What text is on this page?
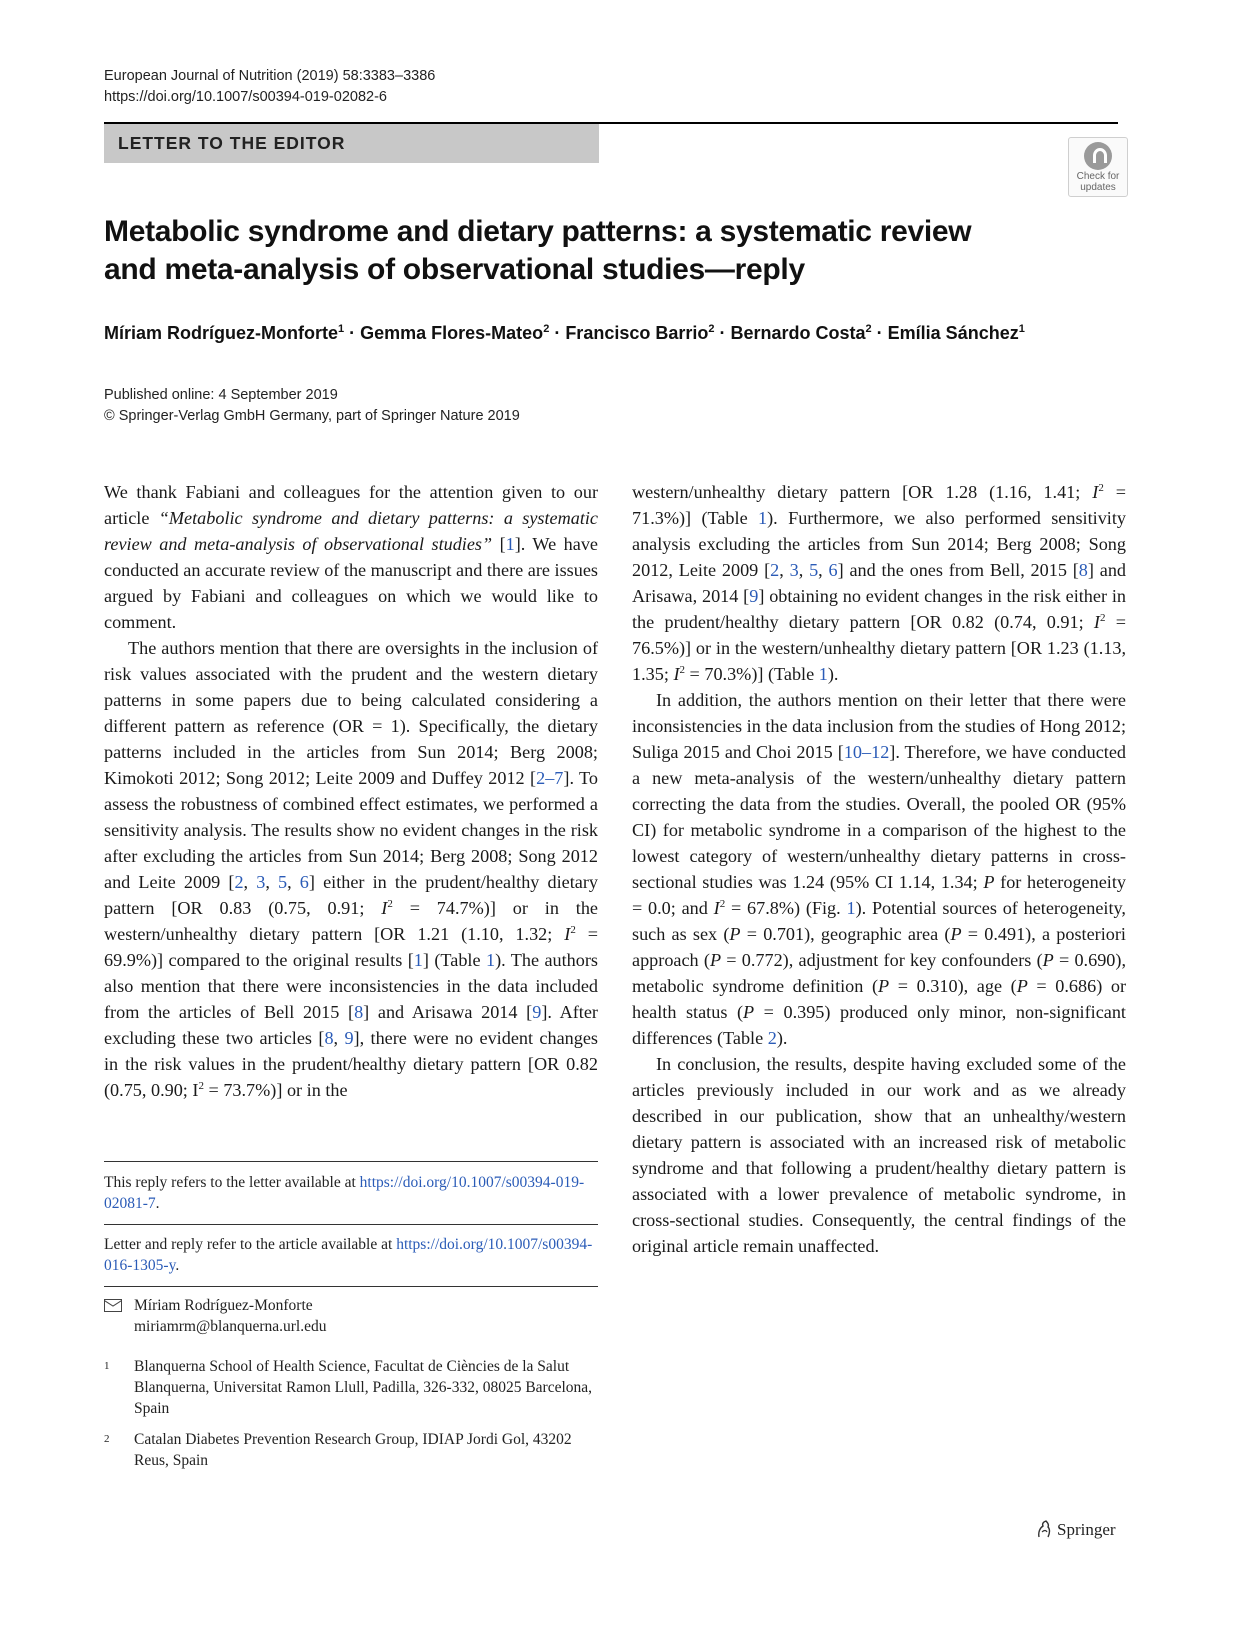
European Journal of Nutrition (2019) 58:3383–3386
https://doi.org/10.1007/s00394-019-02082-6
LETTER TO THE EDITOR
Check for
updates
Metabolic syndrome and dietary patterns: a systematic review
and meta-analysis of observational studies—reply
Míriam Rodríguez‑Monforte$^1$ · Gemma Flores‑Mateo$^2$ · Francisco Barrio$^2$ · Bernardo Costa$^2$ · Emília Sánchez$^1$
Published online: 4 September 2019
© Springer-Verlag GmbH Germany, part of Springer Nature 2019

We thank Fabiani and colleagues for the attention given to our article “Metabolic syndrome and dietary patterns: a systematic review and meta-analysis of observational studies” [1]. We have conducted an accurate review of the manuscript and there are issues argued by Fabiani and colleagues on which we would like to comment.

The authors mention that there are oversights in the inclusion of risk values associated with the prudent and the western dietary patterns in some papers due to being calculated considering a different pattern as reference (OR = 1). Specifically, the dietary patterns included in the articles from Sun 2014; Berg 2008; Kimokoti 2012; Song 2012; Leite 2009 and Duffey 2012 [2–7]. To assess the robustness of combined effect estimates, we performed a sensitivity analysis. The results show no evident changes in the risk after excluding the articles from Sun 2014; Berg 2008; Song 2012 and Leite 2009 [2, 3, 5, 6] either in the prudent/healthy dietary pattern [OR 0.83 (0.75, 0.91; $I^2 = 74.7\%$)] or in the western/unhealthy dietary pattern [OR 1.21 (1.10, 1.32; $I^2 = 69.9\%$)] compared to the original results [1] (Table 1). The authors also mention that there were inconsistencies in the data included from the articles of Bell 2015 [8] and Arisawa 2014 [9]. After excluding these two articles [8, 9], there were no evident changes in the risk values in the prudent/healthy dietary pattern [OR 0.82 (0.75, 0.90; $I^2 = 73.7\%$)] or in the

western/unhealthy dietary pattern [OR 1.28 (1.16, 1.41; $I^2 = 71.3\%$)] (Table 1). Furthermore, we also performed sensitivity analysis excluding the articles from Sun 2014; Berg 2008; Song 2012, Leite 2009 [2, 3, 5, 6] and the ones from Bell, 2015 [8] and Arisawa, 2014 [9] obtaining no evident changes in the risk either in the prudent/healthy dietary pattern [OR 0.82 (0.74, 0.91; $I^2 = 76.5\%$)] or in the western/unhealthy dietary pattern [OR 1.23 (1.13, 1.35; $I^2 = 70.3\%$)] (Table 1).

In addition, the authors mention on their letter that there were inconsistencies in the data inclusion from the studies of Hong 2012; Suliga 2015 and Choi 2015 [10–12]. Therefore, we have conducted a new meta-analysis of the western/unhealthy dietary pattern correcting the data from the studies. Overall, the pooled OR (95% CI) for metabolic syndrome in a comparison of the highest to the lowest category of western/unhealthy dietary patterns in cross-sectional studies was 1.24 (95% CI 1.14, 1.34; P for heterogeneity = 0.0; and $I^2 = 67.8\%$) (Fig. 1). Potential sources of heterogeneity, such as sex (P = 0.701), geographic area (P = 0.491), a posteriori approach (P = 0.772), adjustment for key confounders (P = 0.690), metabolic syndrome definition (P = 0.310), age (P = 0.686) or health status (P = 0.395) produced only minor, non-significant differences (Table 2).

In conclusion, the results, despite having excluded some of the articles previously included in our work and as we already described in our publication, show that an unhealthy/western dietary pattern is associated with an increased risk of metabolic syndrome and that following a prudent/healthy dietary pattern is associated with a lower prevalence of metabolic syndrome, in cross-sectional studies. Consequently, the central findings of the original article remain unaffected.

This reply refers to the letter available at https://doi.org/10.1007/s00394-019-02081-7.
Letter and reply refer to the article available at https://doi.org/10.1007/s00394-016-1305-y.
Míriam Rodríguez-Monforte
miriamrm@blanquerna.url.edu
1 Blanquerna School of Health Science, Facultat de Ciències de la Salut Blanquerna, Universitat Ramon Llull, Padilla, 326-332, 08025 Barcelona, Spain
2 Catalan Diabetes Prevention Research Group, IDIAP Jordi Gol, 43202 Reus, Spain
Springer
